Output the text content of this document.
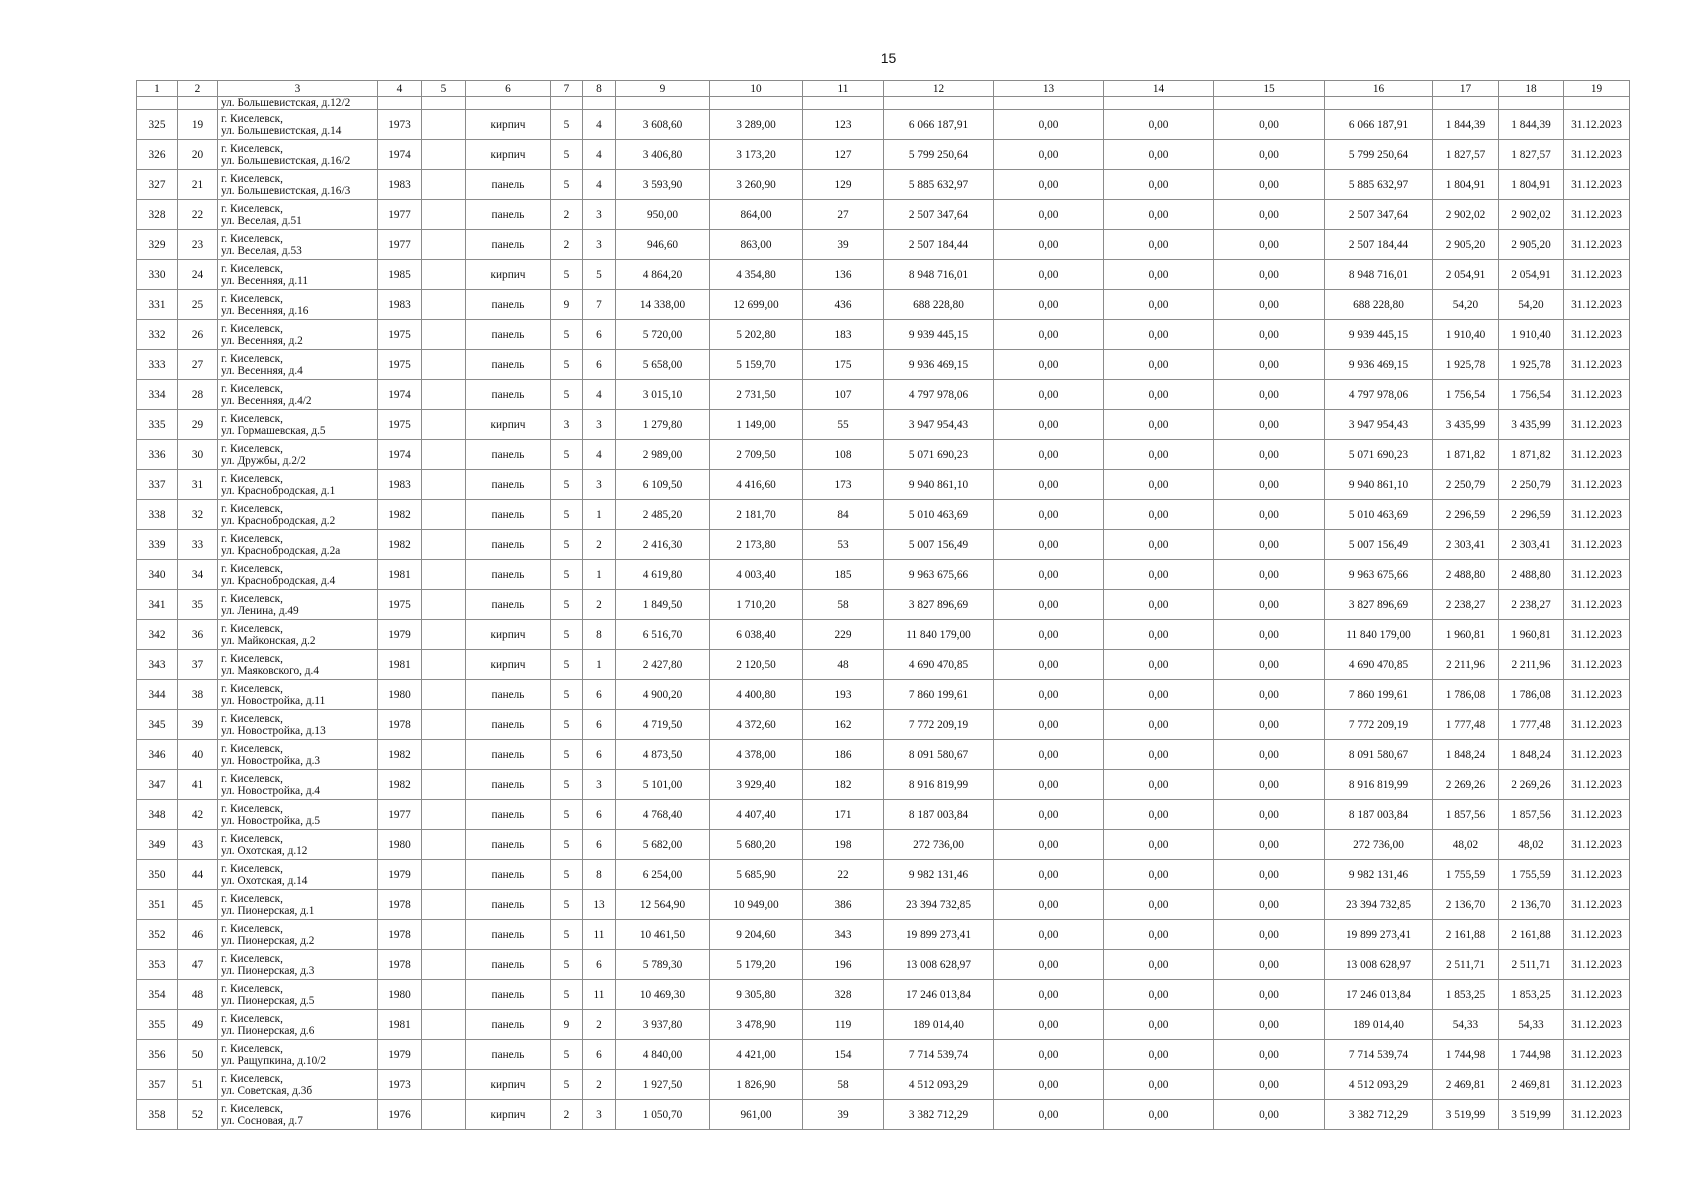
15
1	2	3	4	5	6	7	8	9	10	11	12	13	14	15	16	17	18	19
		ул. Большевистская, д.12/2																
325	19	г. Киселевск,
ул. Большевистская, д.14	1973		кирпич	5	4	3 608,60	3 289,00	123	6 066 187,91	0,00	0,00	0,00	6 066 187,91	1 844,39	1 844,39	31.12.2023
326	20	г. Киселевск,
ул. Большевистская, д.16/2	1974		кирпич	5	4	3 406,80	3 173,20	127	5 799 250,64	0,00	0,00	0,00	5 799 250,64	1 827,57	1 827,57	31.12.2023
327	21	г. Киселевск,
ул. Большевистская, д.16/3	1983		панель	5	4	3 593,90	3 260,90	129	5 885 632,97	0,00	0,00	0,00	5 885 632,97	1 804,91	1 804,91	31.12.2023
328	22	г. Киселевск,
ул. Веселая, д.51	1977		панель	2	3	950,00	864,00	27	2 507 347,64	0,00	0,00	0,00	2 507 347,64	2 902,02	2 902,02	31.12.2023
329	23	г. Киселевск,
ул. Веселая, д.53	1977		панель	2	3	946,60	863,00	39	2 507 184,44	0,00	0,00	0,00	2 507 184,44	2 905,20	2 905,20	31.12.2023
330	24	г. Киселевск,
ул. Весенняя, д.11	1985		кирпич	5	5	4 864,20	4 354,80	136	8 948 716,01	0,00	0,00	0,00	8 948 716,01	2 054,91	2 054,91	31.12.2023
331	25	г. Киселевск,
ул. Весенняя, д.16	1983		панель	9	7	14 338,00	12 699,00	436	688 228,80	0,00	0,00	0,00	688 228,80	54,20	54,20	31.12.2023
332	26	г. Киселевск,
ул. Весенняя, д.2	1975		панель	5	6	5 720,00	5 202,80	183	9 939 445,15	0,00	0,00	0,00	9 939 445,15	1 910,40	1 910,40	31.12.2023
333	27	г. Киселевск,
ул. Весенняя, д.4	1975		панель	5	6	5 658,00	5 159,70	175	9 936 469,15	0,00	0,00	0,00	9 936 469,15	1 925,78	1 925,78	31.12.2023
334	28	г. Киселевск,
ул. Весенняя, д.4/2	1974		панель	5	4	3 015,10	2 731,50	107	4 797 978,06	0,00	0,00	0,00	4 797 978,06	1 756,54	1 756,54	31.12.2023
335	29	г. Киселевск,
ул. Гормашевская, д.5	1975		кирпич	3	3	1 279,80	1 149,00	55	3 947 954,43	0,00	0,00	0,00	3 947 954,43	3 435,99	3 435,99	31.12.2023
336	30	г. Киселевск,
ул. Дружбы, д.2/2	1974		панель	5	4	2 989,00	2 709,50	108	5 071 690,23	0,00	0,00	0,00	5 071 690,23	1 871,82	1 871,82	31.12.2023
337	31	г. Киселевск,
ул. Краснобродская, д.1	1983		панель	5	3	6 109,50	4 416,60	173	9 940 861,10	0,00	0,00	0,00	9 940 861,10	2 250,79	2 250,79	31.12.2023
338	32	г. Киселевск,
ул. Краснобродская, д.2	1982		панель	5	1	2 485,20	2 181,70	84	5 010 463,69	0,00	0,00	0,00	5 010 463,69	2 296,59	2 296,59	31.12.2023
339	33	г. Киселевск,
ул. Краснобродская, д.2а	1982		панель	5	2	2 416,30	2 173,80	53	5 007 156,49	0,00	0,00	0,00	5 007 156,49	2 303,41	2 303,41	31.12.2023
340	34	г. Киселевск,
ул. Краснобродская, д.4	1981		панель	5	1	4 619,80	4 003,40	185	9 963 675,66	0,00	0,00	0,00	9 963 675,66	2 488,80	2 488,80	31.12.2023
341	35	г. Киселевск,
ул. Ленина, д.49	1975		панель	5	2	1 849,50	1 710,20	58	3 827 896,69	0,00	0,00	0,00	3 827 896,69	2 238,27	2 238,27	31.12.2023
342	36	г. Киселевск,
ул. Майконская, д.2	1979		кирпич	5	8	6 516,70	6 038,40	229	11 840 179,00	0,00	0,00	0,00	11 840 179,00	1 960,81	1 960,81	31.12.2023
343	37	г. Киселевск,
ул. Маяковского, д.4	1981		кирпич	5	1	2 427,80	2 120,50	48	4 690 470,85	0,00	0,00	0,00	4 690 470,85	2 211,96	2 211,96	31.12.2023
344	38	г. Киселевск,
ул. Новостройка, д.11	1980		панель	5	6	4 900,20	4 400,80	193	7 860 199,61	0,00	0,00	0,00	7 860 199,61	1 786,08	1 786,08	31.12.2023
345	39	г. Киселевск,
ул. Новостройка, д.13	1978		панель	5	6	4 719,50	4 372,60	162	7 772 209,19	0,00	0,00	0,00	7 772 209,19	1 777,48	1 777,48	31.12.2023
346	40	г. Киселевск,
ул. Новостройка, д.3	1982		панель	5	6	4 873,50	4 378,00	186	8 091 580,67	0,00	0,00	0,00	8 091 580,67	1 848,24	1 848,24	31.12.2023
347	41	г. Киселевск,
ул. Новостройка, д.4	1982		панель	5	3	5 101,00	3 929,40	182	8 916 819,99	0,00	0,00	0,00	8 916 819,99	2 269,26	2 269,26	31.12.2023
348	42	г. Киселевск,
ул. Новостройка, д.5	1977		панель	5	6	4 768,40	4 407,40	171	8 187 003,84	0,00	0,00	0,00	8 187 003,84	1 857,56	1 857,56	31.12.2023
349	43	г. Киселевск,
ул. Охотская, д.12	1980		панель	5	6	5 682,00	5 680,20	198	272 736,00	0,00	0,00	0,00	272 736,00	48,02	48,02	31.12.2023
350	44	г. Киселевск,
ул. Охотская, д.14	1979		панель	5	8	6 254,00	5 685,90	22	9 982 131,46	0,00	0,00	0,00	9 982 131,46	1 755,59	1 755,59	31.12.2023
351	45	г. Киселевск,
ул. Пионерская, д.1	1978		панель	5	13	12 564,90	10 949,00	386	23 394 732,85	0,00	0,00	0,00	23 394 732,85	2 136,70	2 136,70	31.12.2023
352	46	г. Киселевск,
ул. Пионерская, д.2	1978		панель	5	11	10 461,50	9 204,60	343	19 899 273,41	0,00	0,00	0,00	19 899 273,41	2 161,88	2 161,88	31.12.2023
353	47	г. Киселевск,
ул. Пионерская, д.3	1978		панель	5	6	5 789,30	5 179,20	196	13 008 628,97	0,00	0,00	0,00	13 008 628,97	2 511,71	2 511,71	31.12.2023
354	48	г. Киселевск,
ул. Пионерская, д.5	1980		панель	5	11	10 469,30	9 305,80	328	17 246 013,84	0,00	0,00	0,00	17 246 013,84	1 853,25	1 853,25	31.12.2023
355	49	г. Киселевск,
ул. Пионерская, д.6	1981		панель	9	2	3 937,80	3 478,90	119	189 014,40	0,00	0,00	0,00	189 014,40	54,33	54,33	31.12.2023
356	50	г. Киселевск,
ул. Ращупкина, д.10/2	1979		панель	5	6	4 840,00	4 421,00	154	7 714 539,74	0,00	0,00	0,00	7 714 539,74	1 744,98	1 744,98	31.12.2023
357	51	г. Киселевск,
ул. Советская, д.3б	1973		кирпич	5	2	1 927,50	1 826,90	58	4 512 093,29	0,00	0,00	0,00	4 512 093,29	2 469,81	2 469,81	31.12.2023
358	52	г. Киселевск,
ул. Сосновая, д.7	1976		кирпич	2	3	1 050,70	961,00	39	3 382 712,29	0,00	0,00	0,00	3 382 712,29	3 519,99	3 519,99	31.12.2023
